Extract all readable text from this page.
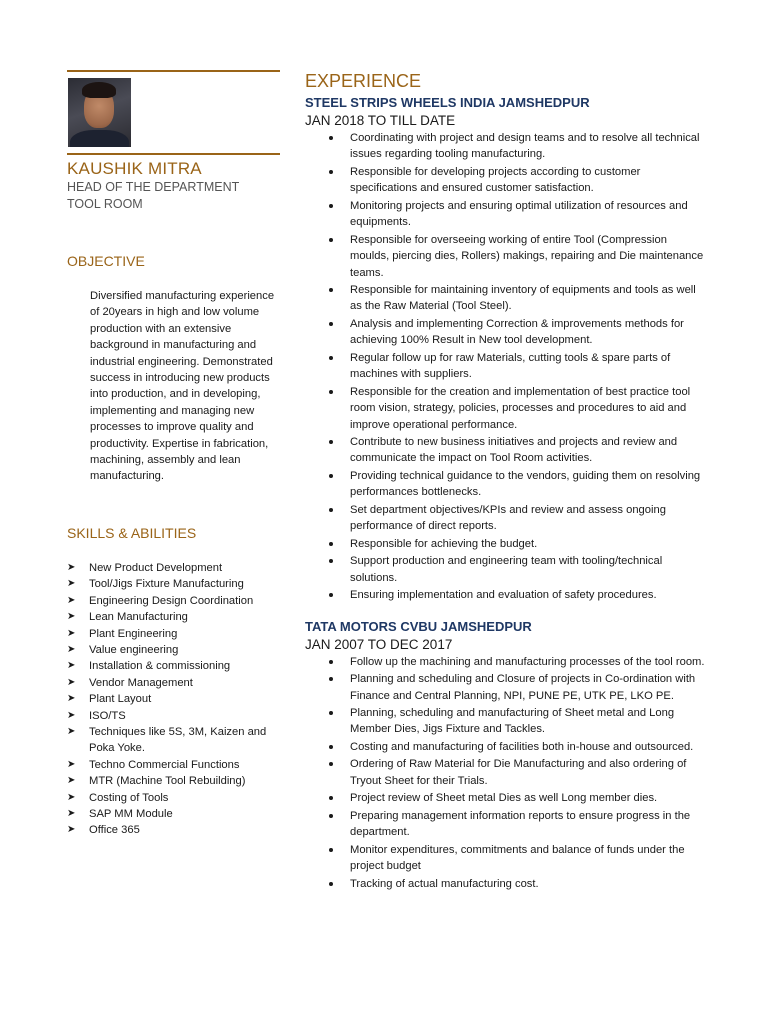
KAUSHIK MITRA
HEAD OF THE DEPARTMENT
TOOL ROOM
OBJECTIVE
Diversified manufacturing experience of 20years in high and low volume production with an extensive background in manufacturing and industrial engineering. Demonstrated success in introducing new products into production, and in developing, implementing and managing new processes to improve quality and productivity. Expertise in fabrication, machining, assembly and lean manufacturing.
SKILLS & ABILITIES
➤ New Product Development
➤ Tool/Jigs Fixture Manufacturing
➤ Engineering Design Coordination
➤ Lean Manufacturing
➤ Plant Engineering
➤ Value engineering
➤ Installation & commissioning
➤ Vendor Management
➤ Plant Layout
➤ ISO/TS
➤ Techniques like 5S, 3M, Kaizen and Poka Yoke.
➤ Techno Commercial Functions
➤ MTR (Machine Tool Rebuilding)
➤ Costing of Tools
➤ SAP MM Module
➤ Office 365
EXPERIENCE
STEEL STRIPS WHEELS INDIA JAMSHEDPUR
JAN 2018 TO TILL DATE
Coordinating with project and design teams and to resolve all technical issues regarding tooling manufacturing.
Responsible for developing projects according to customer specifications and ensured customer satisfaction.
Monitoring projects and ensuring optimal utilization of resources and equipments.
Responsible for overseeing working of entire Tool (Compression moulds, piercing dies, Rollers) makings, repairing and Die maintenance teams.
Responsible for maintaining inventory of equipments and tools as well as the Raw Material (Tool Steel).
Analysis and implementing Correction & improvements methods for achieving 100% Result in New tool development.
Regular follow up for raw Materials, cutting tools & spare parts of machines with suppliers.
Responsible for the creation and implementation of best practice tool room vision, strategy, policies, processes and procedures to aid and improve operational performance.
Contribute to new business initiatives and projects and review and communicate the impact on Tool Room activities.
Providing technical guidance to the vendors, guiding them on resolving performances bottlenecks.
Set department objectives/KPIs and review and assess ongoing performance of direct reports.
Responsible for achieving the budget.
Support production and engineering team with tooling/technical solutions.
Ensuring implementation and evaluation of safety procedures.
TATA MOTORS CVBU JAMSHEDPUR
JAN 2007 TO DEC 2017
Follow up the machining and manufacturing processes of the tool room.
Planning and scheduling and Closure of projects in Co-ordination with Finance and Central Planning, NPI, PUNE PE, UTK PE, LKO PE.
Planning, scheduling and manufacturing of Sheet metal and Long Member Dies, Jigs Fixture and Tackles.
Costing and manufacturing of facilities both in-house and outsourced.
Ordering of Raw Material for Die Manufacturing and also ordering of Tryout Sheet for their Trials.
Project review of Sheet metal Dies as well Long member dies.
Preparing management information reports to ensure progress in the department.
Monitor expenditures, commitments and balance of funds under the project budget
Tracking of actual manufacturing cost.
